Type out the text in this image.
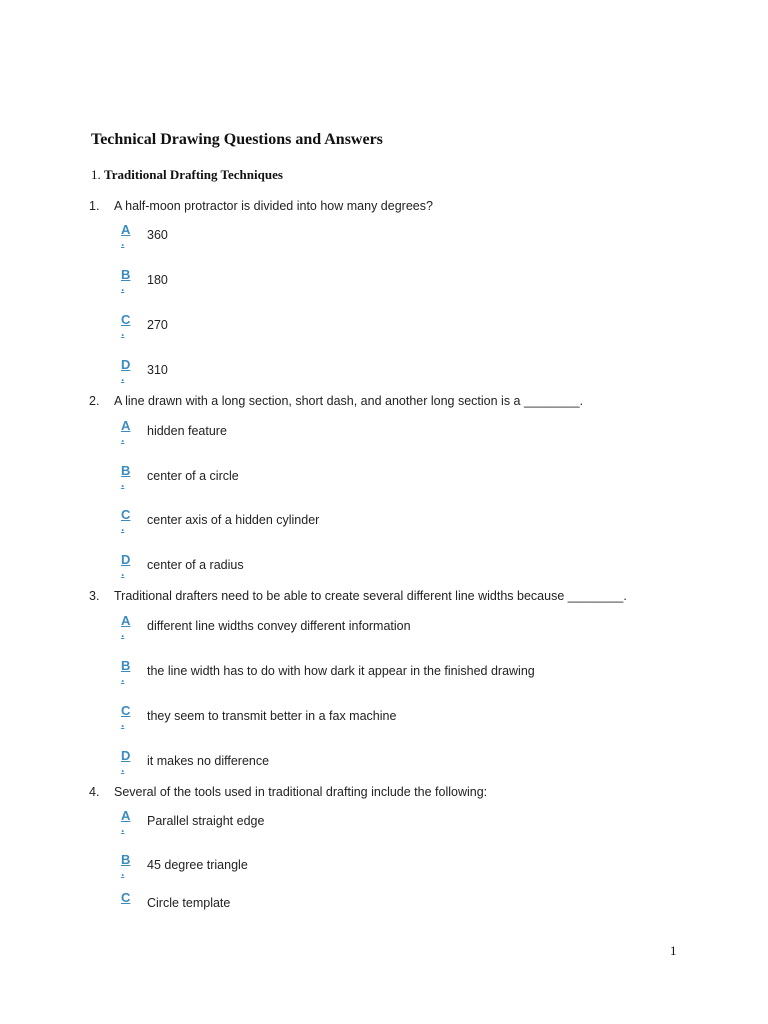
Technical Drawing Questions and Answers
1. Traditional Drafting Techniques
1. A half-moon protractor is divided into how many degrees?
A
. 360
B
. 180
C
. 270
D
. 310
2. A line drawn with a long section, short dash, and another long section is a ________.
A
. hidden feature
B
. center of a circle
C
. center axis of a hidden cylinder
D
. center of a radius
3. Traditional drafters need to be able to create several different line widths because ________.
A
. different line widths convey different information
B
. the line width has to do with how dark it appear in the finished drawing
C
. they seem to transmit better in a fax machine
D
. it makes no difference
4. Several of the tools used in traditional drafting include the following:
A
. Parallel straight edge
B
. 45 degree triangle
C Circle template
1
